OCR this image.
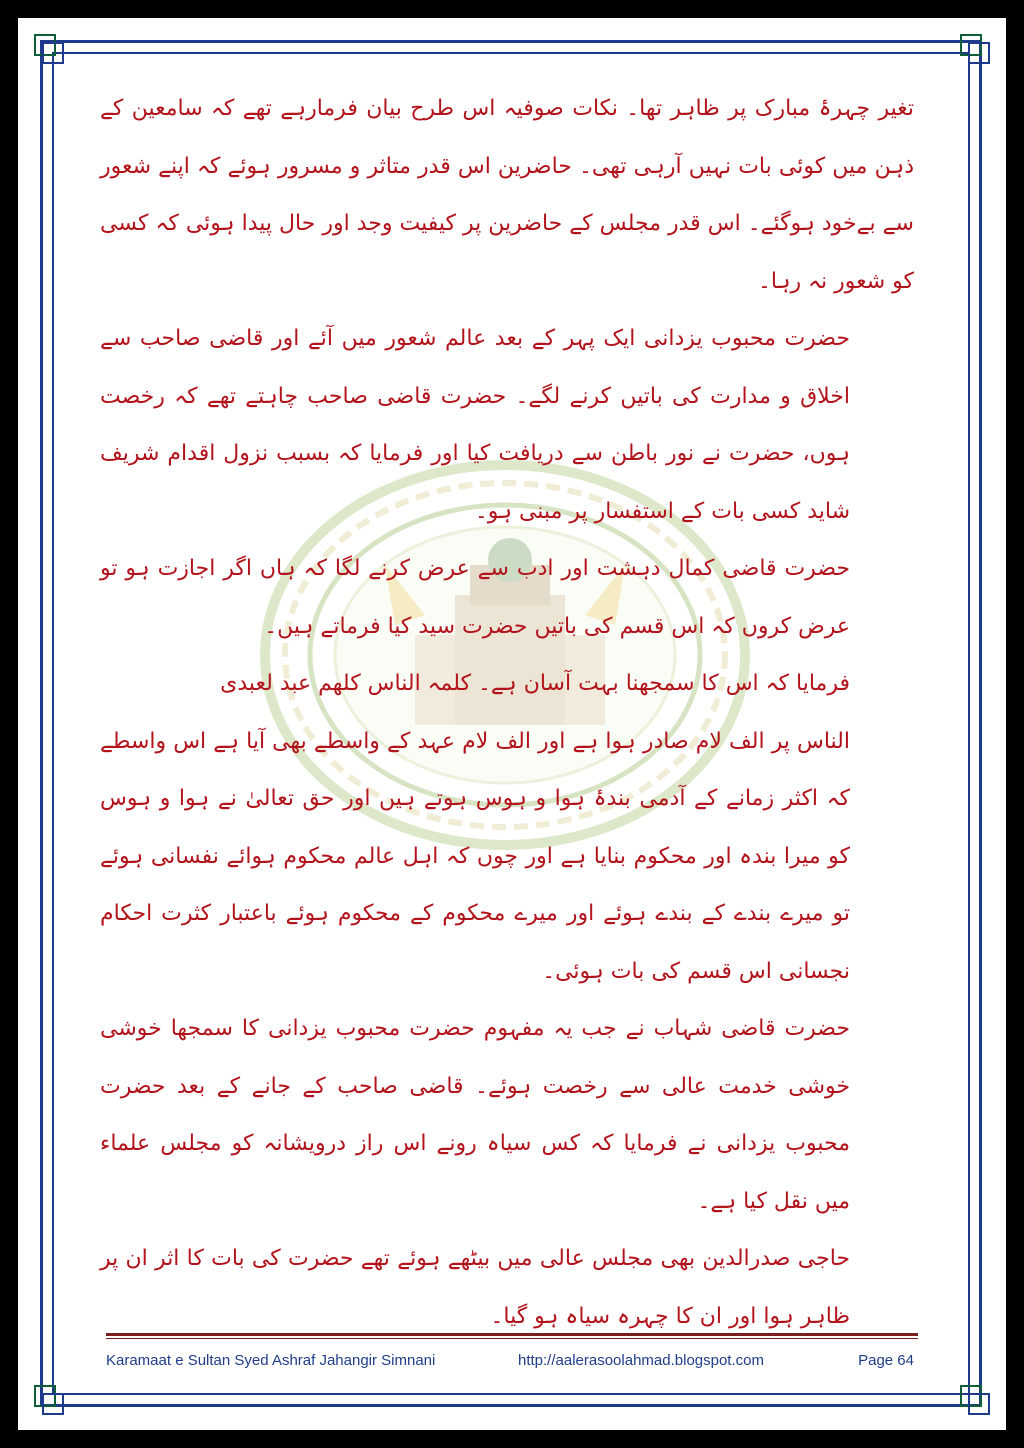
تغیر چہرۂ مبارک پر ظاہر تھا۔ نکات صوفیہ اس طرح بیان فرمارہے تھے کہ سامعین کے ذہن میں کوئی بات نہیں آرہی تھی۔ حاضرین اس قدر متاثر و مسرور ہوئے کہ اپنے شعور سے بےخود ہوگئے۔ اس قدر مجلس کے حاضرین پر کیفیت وجد اور حال پیدا ہوئی کہ کسی کو شعور نہ رہا۔

حضرت محبوب یزدانی ایک پہر کے بعد عالم شعور میں آئے اور قاضی صاحب سے اخلاق و مدارت کی باتیں کرنے لگے۔ حضرت قاضی صاحب چاہتے تھے کہ رخصت ہوں، حضرت نے نور باطن سے دریافت کیا اور فرمایا کہ بسبب نزول اقدام شریف شاید کسی بات کے استفسار پر مبنی ہو۔

حضرت قاضی کمال دہشت اور ادب سے عرض کرنے لگا کہ ہاں اگر اجازت ہو تو عرض کروں کہ اس قسم کی باتیں حضرت سید کیا فرماتے ہیں۔

فرمایا کہ اس کا سمجھنا بہت آسان ہے۔ کلمہ الناس کلھم عبد لعبدی

الناس پر الف لام صادر ہوا ہے اور الف لام عہد کے واسطے بھی آیا ہے اس واسطے کہ اکثر زمانے کے آدمی بندۂ ہوا و ہوس ہوتے ہیں اور حق تعالیٰ نے ہوا و ہوس کو میرا بندہ اور محکوم بنایا ہے اور چوں کہ اہل عالم محکوم ہوائے نفسانی ہوئے تو میرے بندے کے بندے ہوئے اور میرے محکوم کے محکوم ہوئے باعتبار کثرت احکام نجسانی اس قسم کی بات ہوئی۔

حضرت قاضی شہاب نے جب یہ مفہوم حضرت محبوب یزدانی کا سمجھا خوشی خوشی خدمت عالی سے رخصت ہوئے۔ قاضی صاحب کے جانے کے بعد حضرت محبوب یزدانی نے فرمایا کہ کس سیاہ رونے اس راز درویشانہ کو مجلس علماء میں نقل کیا ہے۔

حاجی صدرالدین بھی مجلس عالی میں بیٹھے ہوئے تھے حضرت کی بات کا اثر ان پر ظاہر ہوا اور ان کا چہرہ سیاہ ہو گیا۔

Karamaat e Sultan Syed Ashraf Jahangir Simnani	http://aalerasoolahmad.blogspot.com	Page 64
